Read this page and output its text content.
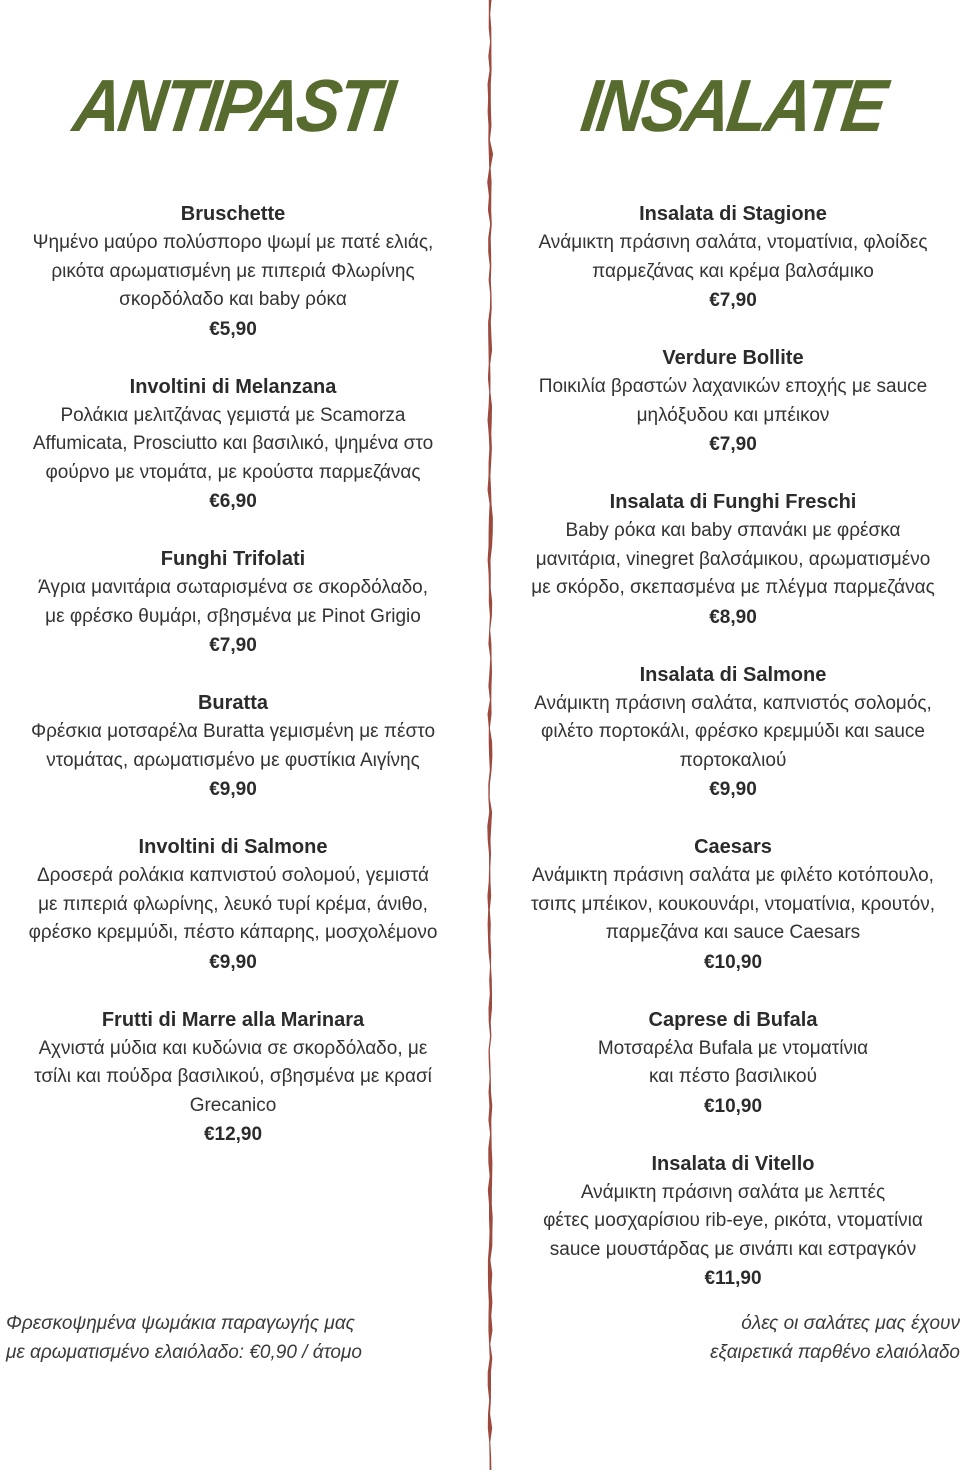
ANTIPASTI
Bruschette
Ψημένο μαύρο πολύσπορο ψωμί με πατέ ελιάς,
ρικότα αρωματισμένη με πιπεριά Φλωρίνης
σκορδόλαδο και baby ρόκα
€5,90
Involtini di Melanzana
Ρολάκια μελιτζάνας γεμιστά με Scamorza
Affumicata, Prosciutto και βασιλικό, ψημένα στο
φούρνο με ντομάτα, με κρούστα παρμεζάνας
€6,90
Funghi Trifolati
Άγρια μανιτάρια σωταρισμένα σε σκορδόλαδο,
με φρέσκο θυμάρι, σβησμένα με Pinot Grigio
€7,90
Buratta
Φρέσκια μοτσαρέλα Buratta γεμισμένη με πέστο
ντομάτας, αρωματισμένο με φυστίκια Αιγίνης
€9,90
Involtini di Salmone
Δροσερά ρολάκια καπνιστού σολομού, γεμιστά
με πιπεριά φλωρίνης, λευκό τυρί κρέμα, άνιθο,
φρέσκο κρεμμύδι, πέστο κάπαρης, μοσχολέμονο
€9,90
Frutti di Marre alla Marinara
Αχνιστά μύδια και κυδώνια σε σκορδόλαδο, με
τσίλι και πούδρα βασιλικού, σβησμένα με κρασί
Grecanico
€12,90
Φρεσκοψημένα ψωμάκια παραγωγής μας
με αρωματισμένο ελαιόλαδο: €0,90 / άτομο
INSALATE
Insalata di Stagione
Ανάμικτη πράσινη σαλάτα, ντοματίνια, φλοίδες
παρμεζάνας και κρέμα βαλσάμικο
€7,90
Verdure Bollite
Ποικιλία βραστών λαχανικών εποχής με sauce
μηλόξυδου και μπέικον
€7,90
Insalata di Funghi Freschi
Baby ρόκα και baby σπανάκι με φρέσκα
μανιτάρια, vinegret βαλσάμικου, αρωματισμένο
με σκόρδο, σκεπασμένα με πλέγμα παρμεζάνας
€8,90
Insalata di Salmone
Ανάμικτη πράσινη σαλάτα, καπνιστός σολομός,
φιλέτο πορτοκάλι, φρέσκο κρεμμύδι και sauce
πορτοκαλιού
€9,90
Caesars
Ανάμικτη πράσινη σαλάτα με φιλέτο κοτόπουλο,
τσιπς μπέικον, κουκουνάρι, ντοματίνια, κρουτόν,
παρμεζάνα και sauce Caesars
€10,90
Caprese di Bufala
Μοτσαρέλα Bufala με ντοματίνια
και πέστο βασιλικού
€10,90
Insalata di Vitello
Ανάμικτη πράσινη σαλάτα με λεπτές
φέτες μοσχαρίσιου rib-eye, ρικότα, ντοματίνια
sauce μουστάρδας με σινάπι και εστραγκόν
€11,90
όλες οι σαλάτες μας έχουν
εξαιρετικά παρθένο ελαιόλαδο
